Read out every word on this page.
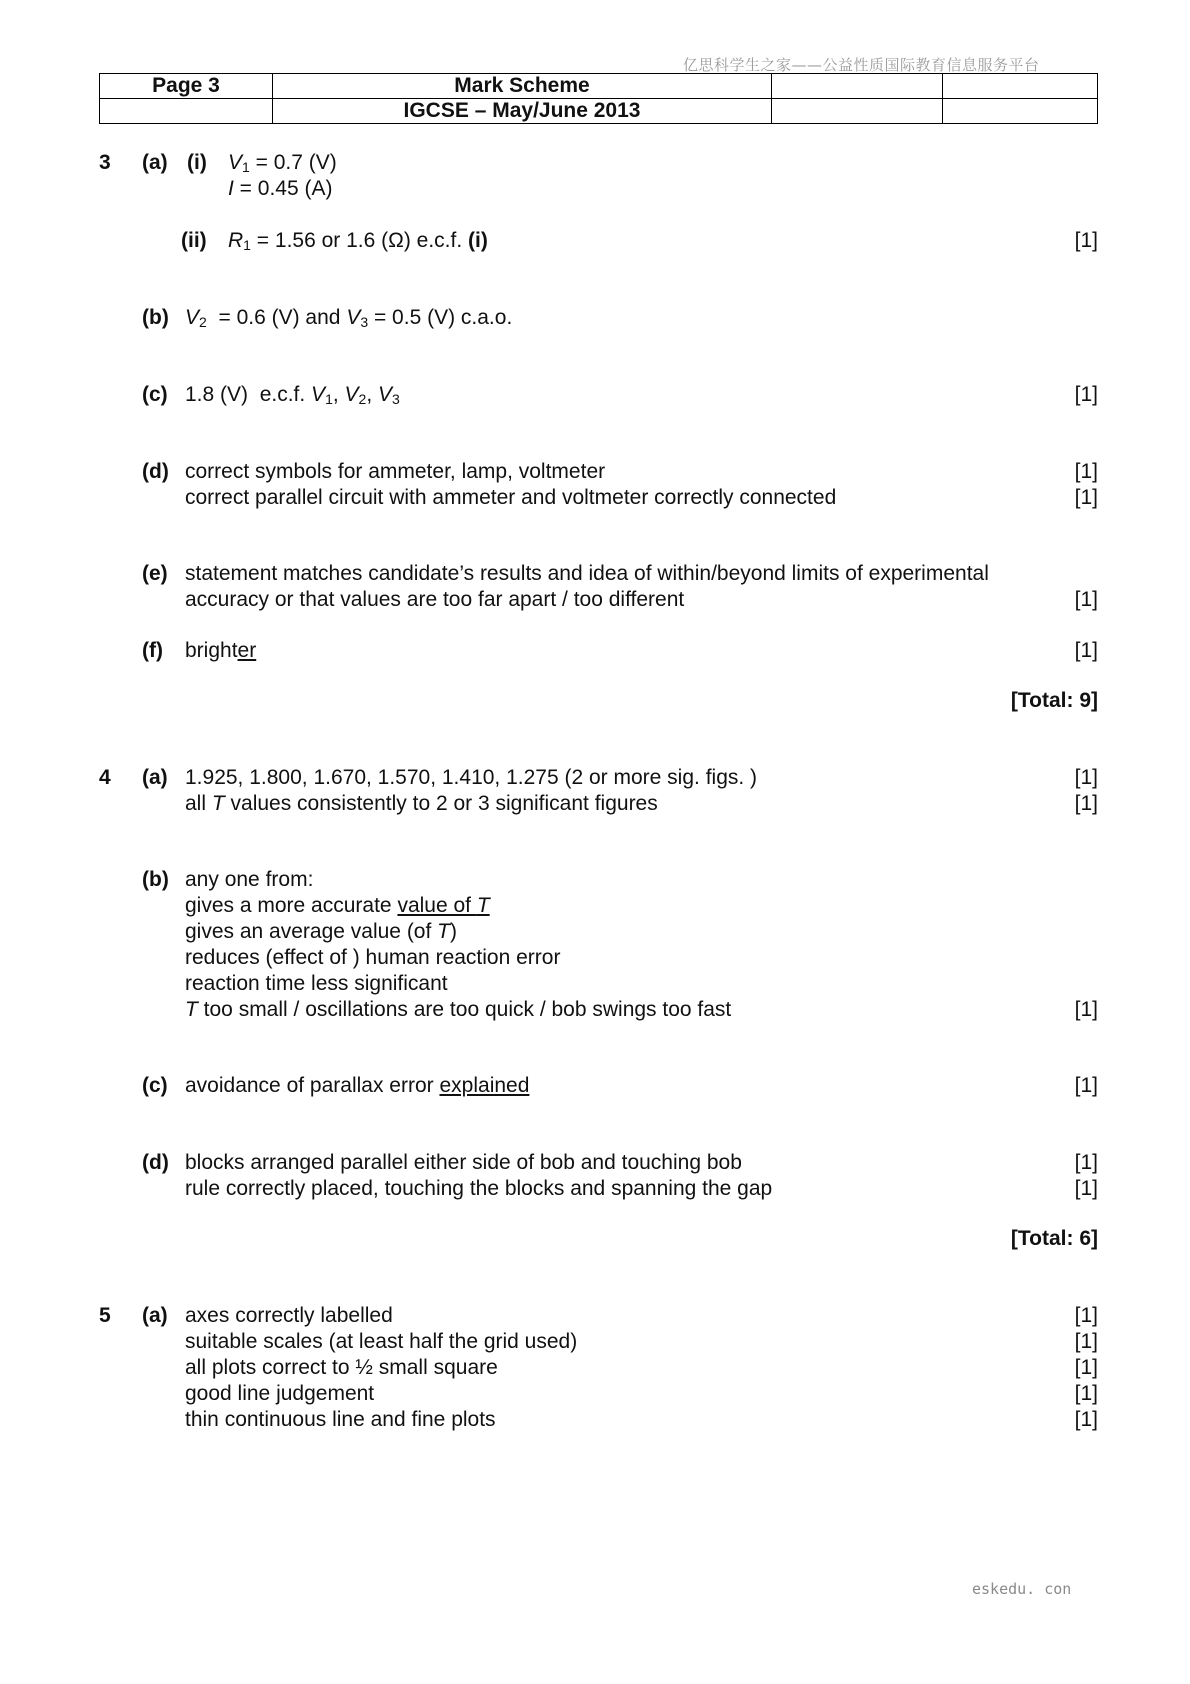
亿思科学生之家——公益性质国际教育信息服务平台
Page 3	Mark Scheme		
	IGCSE – May/June 2013		
3 (a) (i) $V_1 = 0.7$ (V)
I = 0.45 (A)
(ii) $R_1 = 1.56$ or 1.6 (Ω) e.c.f. (i)	[1]
(b) $V_2 = 0.6$ (V) and $V_3 = 0.5$ (V) c.a.o.
(c) 1.8 (V)  e.c.f. $V_1$, $V_2$, $V_3$	[1]
(d) correct symbols for ammeter, lamp, voltmeter	[1]
correct parallel circuit with ammeter and voltmeter correctly connected	[1]
(e) statement matches candidate’s results and idea of within/beyond limits of experimental
accuracy or that values are too far apart / too different	[1]
(f) brighter	[1]
[Total: 9]
4 (a) 1.925, 1.800, 1.670, 1.570, 1.410, 1.275 (2 or more sig. figs. )	[1]
all T values consistently to 2 or 3 significant figures	[1]
(b) any one from:
gives a more accurate value of T
gives an average value (of T)
reduces (effect of ) human reaction error
reaction time less significant
T too small / oscillations are too quick / bob swings too fast	[1]
(c) avoidance of parallax error explained	[1]
(d) blocks arranged parallel either side of bob and touching bob	[1]
rule correctly placed, touching the blocks and spanning the gap	[1]
[Total: 6]
5 (a) axes correctly labelled	[1]
suitable scales (at least half the grid used)	[1]
all plots correct to ½ small square	[1]
good line judgement	[1]
thin continuous line and fine plots	[1]
eskedu. con
